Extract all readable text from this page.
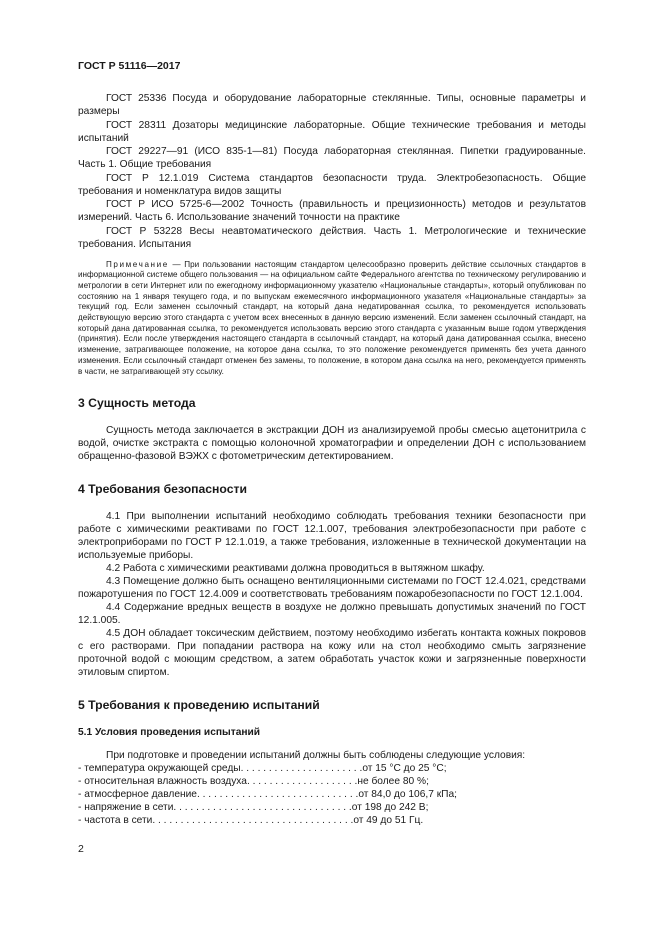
ГОСТ Р 51116—2017

ГОСТ 25336 Посуда и оборудование лабораторные стеклянные. Типы, основные параметры и размеры

ГОСТ 28311 Дозаторы медицинские лабораторные. Общие технические требования и методы испытаний

ГОСТ 29227—91 (ИСО 835-1—81) Посуда лабораторная стеклянная. Пипетки градуированные. Часть 1. Общие требования

ГОСТ Р 12.1.019 Система стандартов безопасности труда. Электробезопасность. Общие требования и номенклатура видов защиты

ГОСТ Р ИСО 5725-6—2002 Точность (правильность и прецизионность) методов и результатов измерений. Часть 6. Использование значений точности на практике

ГОСТ Р 53228 Весы неавтоматического действия. Часть 1. Метрологические и технические требования. Испытания

Примечание — При пользовании настоящим стандартом целесообразно проверить действие ссылочных стандартов в информационной системе общего пользования — на официальном сайте Федерального агентства по техническому регулированию и метрологии в сети Интернет или по ежегодному информационному указателю «Национальные стандарты», который опубликован по состоянию на 1 января текущего года, и по выпускам ежемесячного информационного указателя «Национальные стандарты» за текущий год. Если заменен ссылочный стандарт, на который дана недатированная ссылка, то рекомендуется использовать действующую версию этого стандарта с учетом всех внесенных в данную версию изменений. Если заменен ссылочный стандарт, на который дана датированная ссылка, то рекомендуется использовать версию этого стандарта с указанным выше годом утверждения (принятия). Если после утверждения настоящего стандарта в ссылочный стандарт, на который дана датированная ссылка, внесено изменение, затрагивающее положение, на которое дана ссылка, то это положение рекомендуется применять без учета данного изменения. Если ссылочный стандарт отменен без замены, то положение, в котором дана ссылка на него, рекомендуется применять в части, не затрагивающей эту ссылку.

3 Сущность метода

Сущность метода заключается в экстракции ДОН из анализируемой пробы смесью ацетонитрила с водой, очистке экстракта с помощью колоночной хроматографии и определении ДОН с использованием обращенно-фазовой ВЭЖХ с фотометрическим детектированием.

4 Требования безопасности

4.1 При выполнении испытаний необходимо соблюдать требования техники безопасности при работе с химическими реактивами по ГОСТ 12.1.007, требования электробезопасности при работе с электроприборами по ГОСТ Р 12.1.019, а также требования, изложенные в технической документации на используемые приборы.

4.2 Работа с химическими реактивами должна проводиться в вытяжном шкафу.

4.3 Помещение должно быть оснащено вентиляционными системами по ГОСТ 12.4.021, средствами пожаротушения по ГОСТ 12.4.009 и соответствовать требованиям пожаробезопасности по ГОСТ 12.1.004.

4.4 Содержание вредных веществ в воздухе не должно превышать допустимых значений по ГОСТ 12.1.005.

4.5 ДОН обладает токсическим действием, поэтому необходимо избегать контакта кожных покровов с его растворами. При попадании раствора на кожу или на стол необходимо смыть загрязнение проточной водой с моющим средством, а затем обработать участок кожи и загрязненные поверхности этиловым спиртом.

5 Требования к проведению испытаний
5.1 Условия проведения испытаний

При подготовке и проведении испытаний должны быть соблюдены следующие условия:

- температура окружающей среды . . . . . . . . . . . . . . . . . . . . . . от 15 °С до 25 °С;
- относительная влажность воздуха . . . . . . . . . . . . . . . . . . . . не более 80 %;
- атмосферное давление . . . . . . . . . . . . . . . . . . . . . . . . . . . . . от 84,0 до 106,7 кПа;
- напряжение в сети . . . . . . . . . . . . . . . . . . . . . . . . . . . . . . . . от 198 до 242 В;
- частота в сети . . . . . . . . . . . . . . . . . . . . . . . . . . . . . . . . . . . . от 49 до 51 Гц.
2
